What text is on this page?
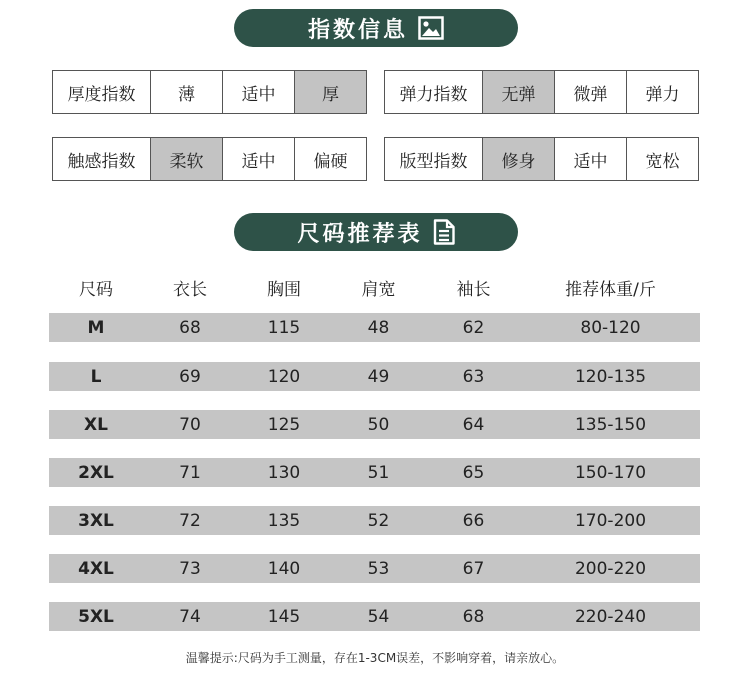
指数信息
厚度指数	薄	适中	厚	弹力指数	无弹	微弹	弹力
触感指数	柔软	适中	偏硬	版型指数	修身	适中	宽松
尺码推荐表
尺码	衣长	胸围	肩宽	袖长	推荐体重/斤
M	68	115	48	62	80-120
L	69	120	49	63	120-135
XL	70	125	50	64	135-150
2XL	71	130	51	65	150-170
3XL	72	135	52	66	170-200
4XL	73	140	53	67	200-220
5XL	74	145	54	68	220-240
温馨提示:尺码为手工测量，存在1-3CM误差，不影响穿着，请亲放心。
